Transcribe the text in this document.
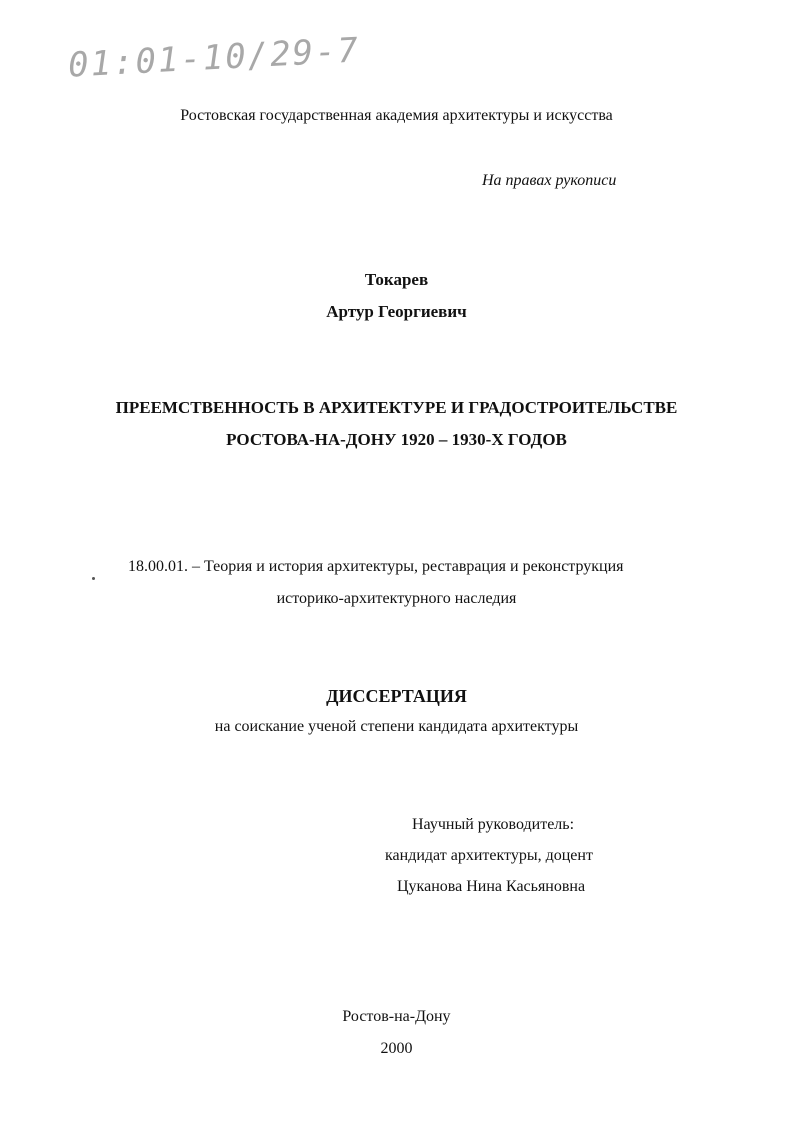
01:01-10/29-7
Ростовская государственная академия архитектуры и искусства
На правах рукописи
Токарев
Артур Георгиевич
ПРЕЕМСТВЕННОСТЬ В АРХИТЕКТУРЕ И ГРАДОСТРОИТЕЛЬСТВЕ
РОСТОВА-НА-ДОНУ 1920 – 1930-Х ГОДОВ
18.00.01. – Теория и история архитектуры, реставрация и реконструкция
историко-архитектурного наследия
ДИССЕРТАЦИЯ
на соискание ученой степени кандидата архитектуры
Научный руководитель:
кандидат архитектуры, доцент
Цуканова Нина Касьяновна
Ростов-на-Дону
2000
